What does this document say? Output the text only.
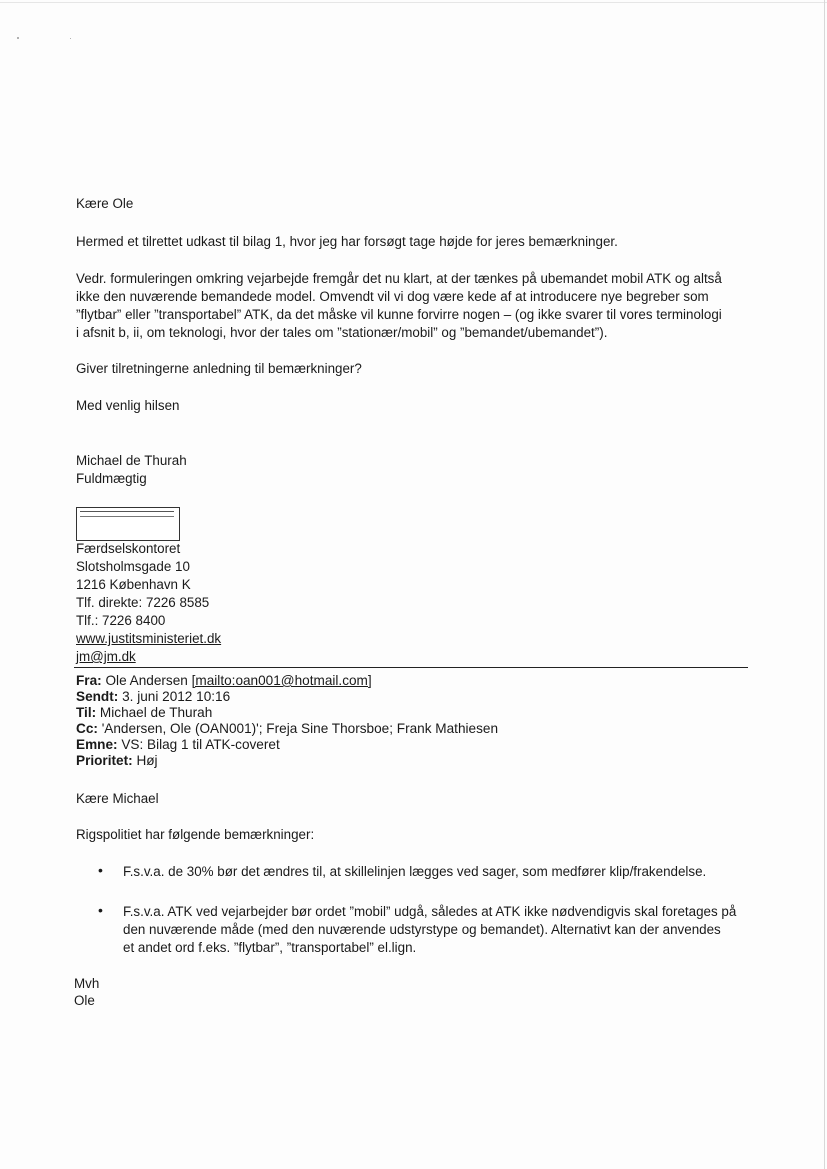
Kære Ole
Hermed et tilrettet udkast til bilag 1, hvor jeg har forsøgt tage højde for jeres bemærkninger.
Vedr. formuleringen omkring vejarbejde fremgår det nu klart, at der tænkes på ubemandet mobil ATK og altså
ikke den nuværende bemandede model. Omvendt vil vi dog være kede af at introducere nye begreber som
”flytbar” eller ”transportabel” ATK, da det måske vil kunne forvirre nogen – (og ikke svarer til vores terminologi
i afsnit b, ii, om teknologi, hvor der tales om ”stationær/mobil” og ”bemandet/ubemandet”).
Giver tilretningerne anledning til bemærkninger?
Med venlig hilsen
Michael de Thurah
Fuldmægtig
Færdselskontoret
Slotsholmsgade 10
1216 København K
Tlf. direkte: 7226 8585
Tlf.: 7226 8400
www.justitsministeriet.dk
jm@jm.dk
Fra: Ole Andersen [mailto:oan001@hotmail.com]
Sendt: 3. juni 2012 10:16
Til: Michael de Thurah
Cc: 'Andersen, Ole (OAN001)'; Freja Sine Thorsboe; Frank Mathiesen
Emne: VS: Bilag 1 til ATK-coveret
Prioritet: Høj
Kære Michael
Rigspolitiet har følgende bemærkninger:
• F.s.v.a. de 30% bør det ændres til, at skillelinjen lægges ved sager, som medfører klip/frakendelse.
• F.s.v.a. ATK ved vejarbejder bør ordet ”mobil” udgå, således at ATK ikke nødvendigvis skal foretages på
den nuværende måde (med den nuværende udstyrstype og bemandet). Alternativt kan der anvendes
et andet ord f.eks. ”flytbar”, ”transportabel” el.lign.
Mvh
Ole
